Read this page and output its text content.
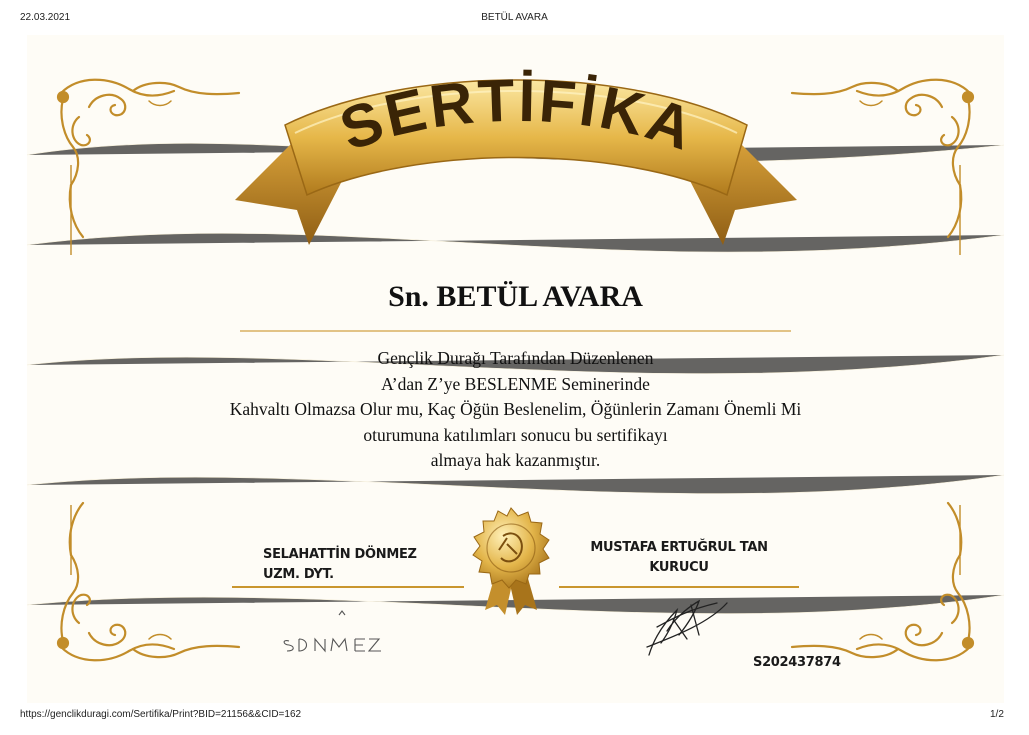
22.03.2021	BETÜL AVARA
SERTİFİKA
Sn. BETÜL AVARA
Gençlik Durağı Tarafından Düzenlenen
A’dan Z’ye BESLENME Seminerinde
Kahvaltı Olmazsa Olur mu, Kaç Öğün Beslenelim, Öğünlerin Zamanı Önemli Mi
oturumuna katılımları sonucu bu sertifikayı
almaya hak kazanmıştır.
SELAHATTİN DÖNMEZ
UZM. DYT.
MUSTAFA ERTUĞRUL TAN
KURUCU
S202437874
https://genclikduragi.com/Sertifika/Print?BID=21156&&CID=162	1/2
